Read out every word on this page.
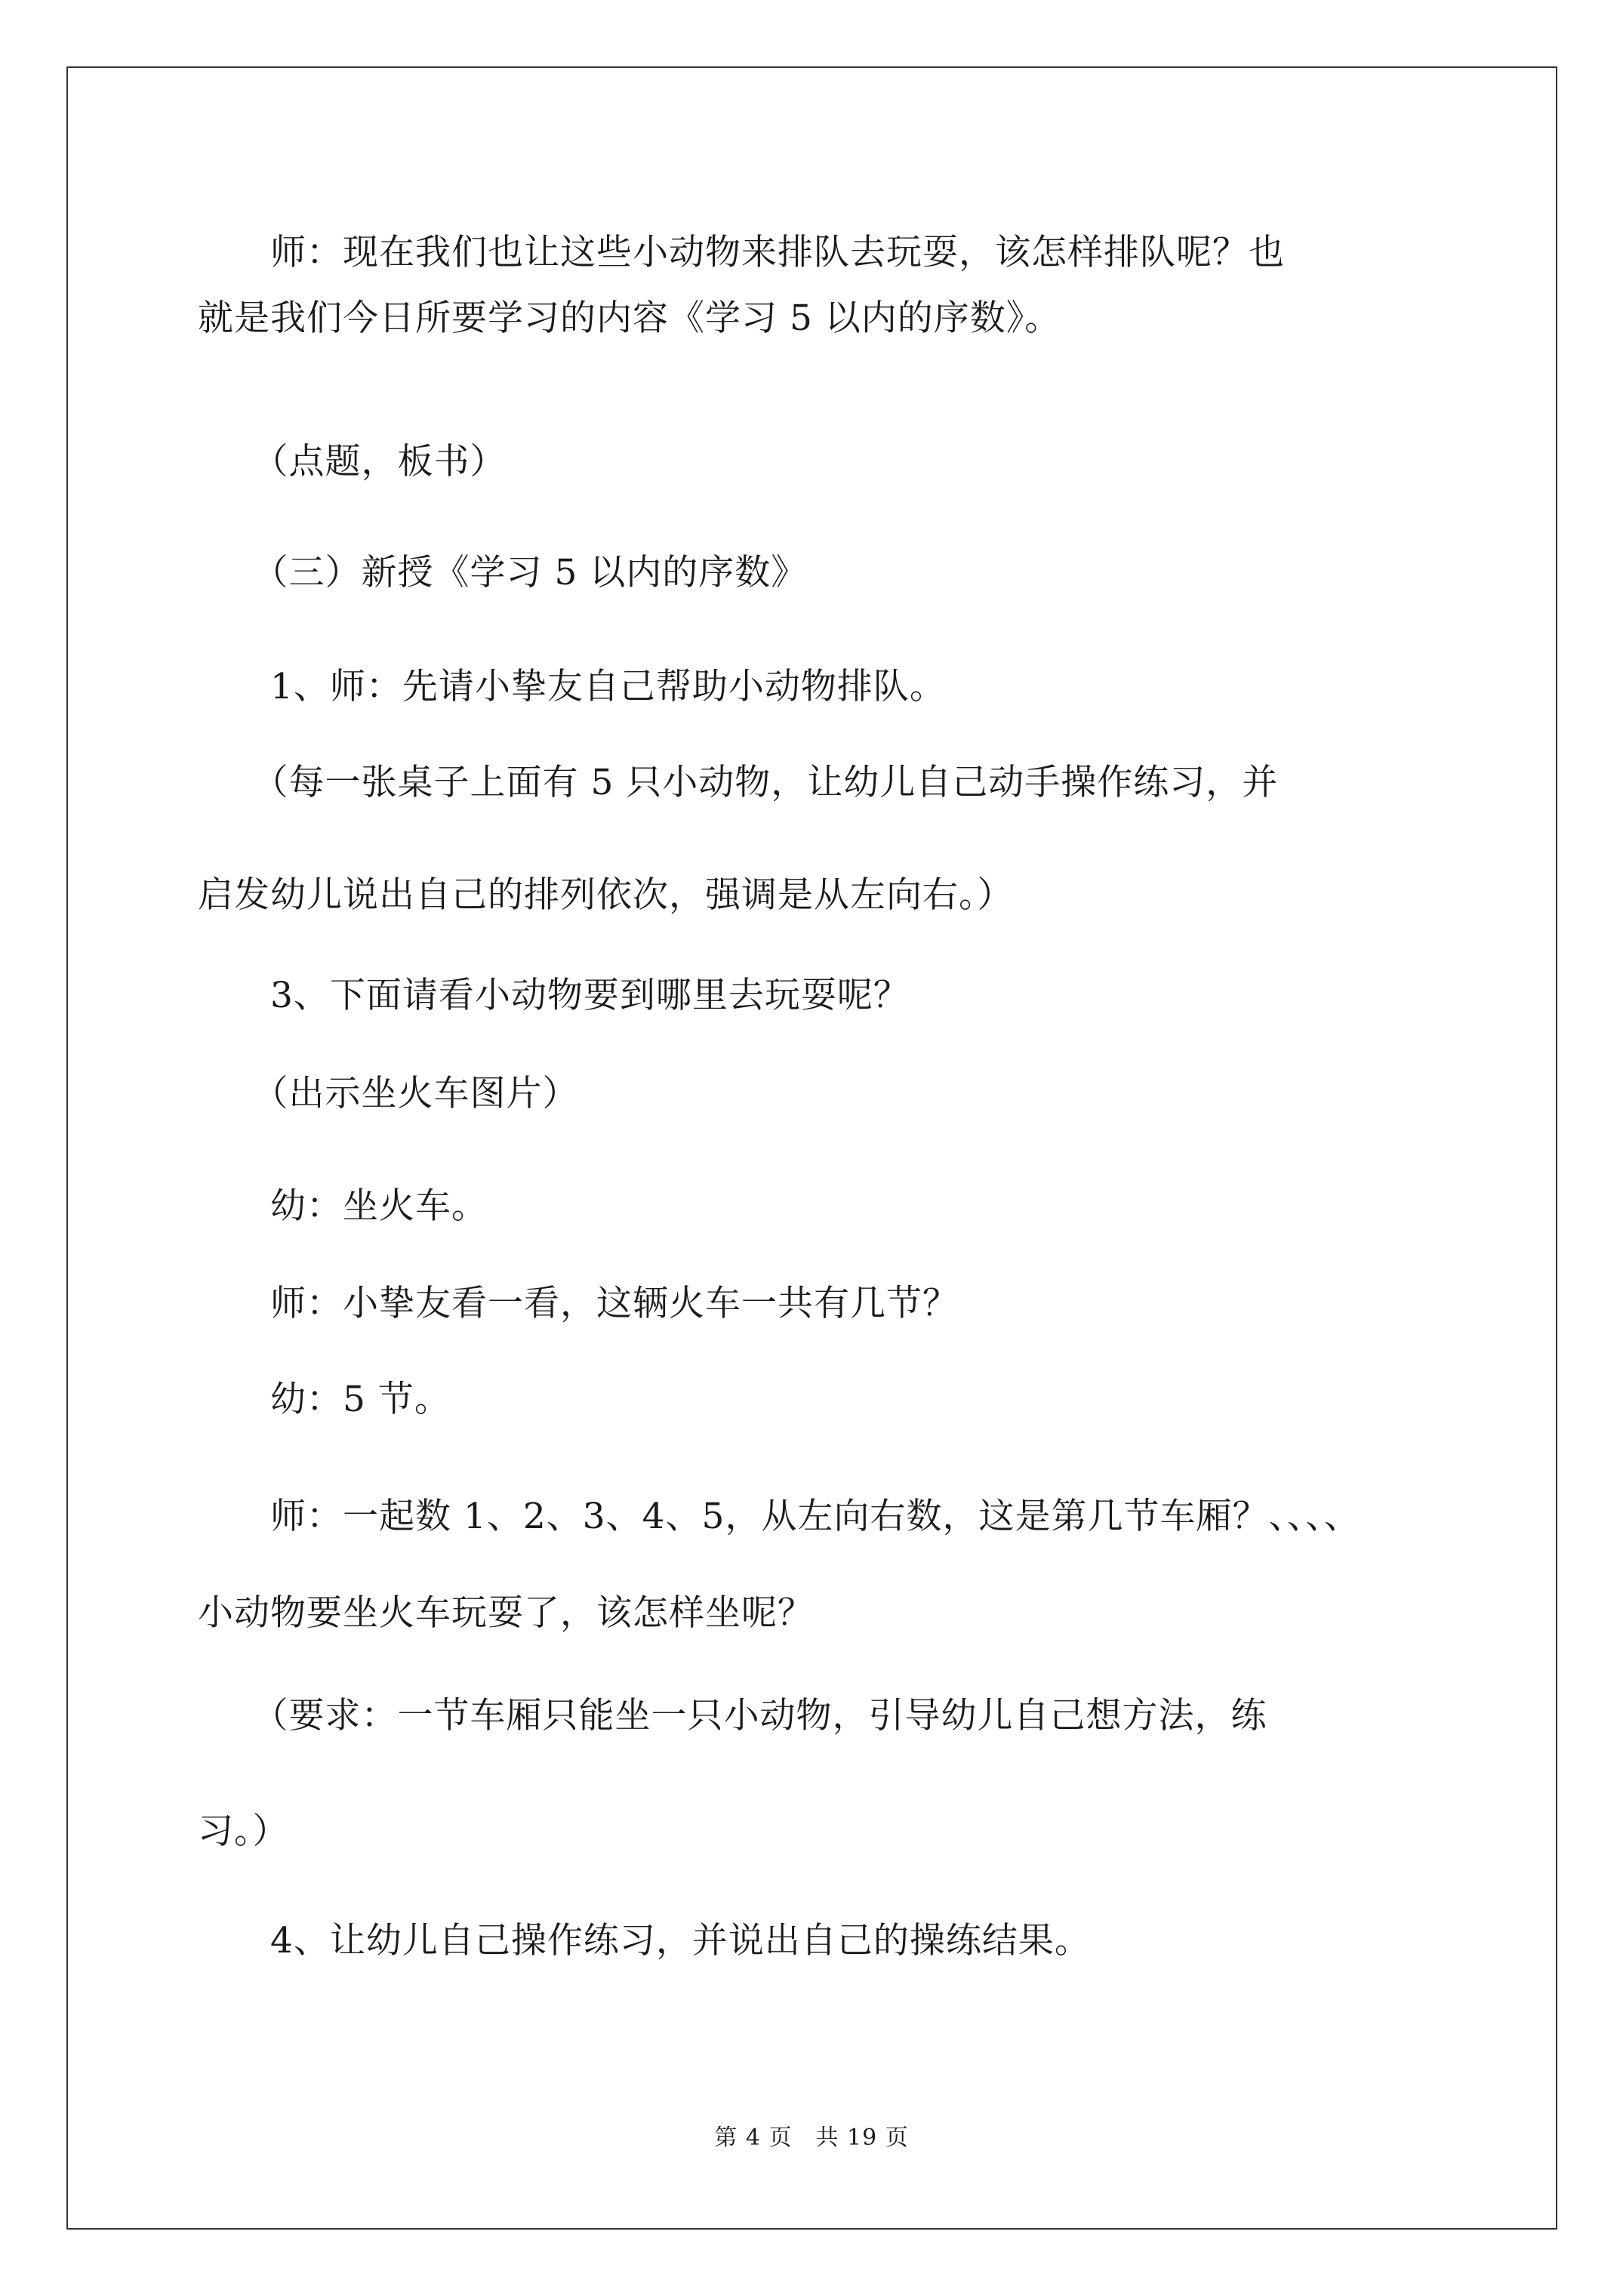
　　师：现在我们也让这些小动物来排队去玩耍，该怎样排队呢？也
就是我们今日所要学习的内容《学习 5 以内的序数》。
　　（点题，板书）
　　（三）新授《学习 5 以内的序数》
　　1、师：先请小挚友自己帮助小动物排队。
　　（每一张桌子上面有 5 只小动物，让幼儿自己动手操作练习，并
启发幼儿说出自己的排列依次，强调是从左向右。）
　　3、下面请看小动物要到哪里去玩耍呢？
　　（出示坐火车图片）
　　幼：坐火车。
　　师：小挚友看一看，这辆火车一共有几节？
　　幼：5 节。
　　师：一起数 1、2、3、4、5，从左向右数，这是第几节车厢？、、、、
小动物要坐火车玩耍了，该怎样坐呢？
　　（要求：一节车厢只能坐一只小动物，引导幼儿自己想方法，练
习。）
　　4、让幼儿自己操作练习，并说出自己的操练结果。
第 4 页　共 19 页
